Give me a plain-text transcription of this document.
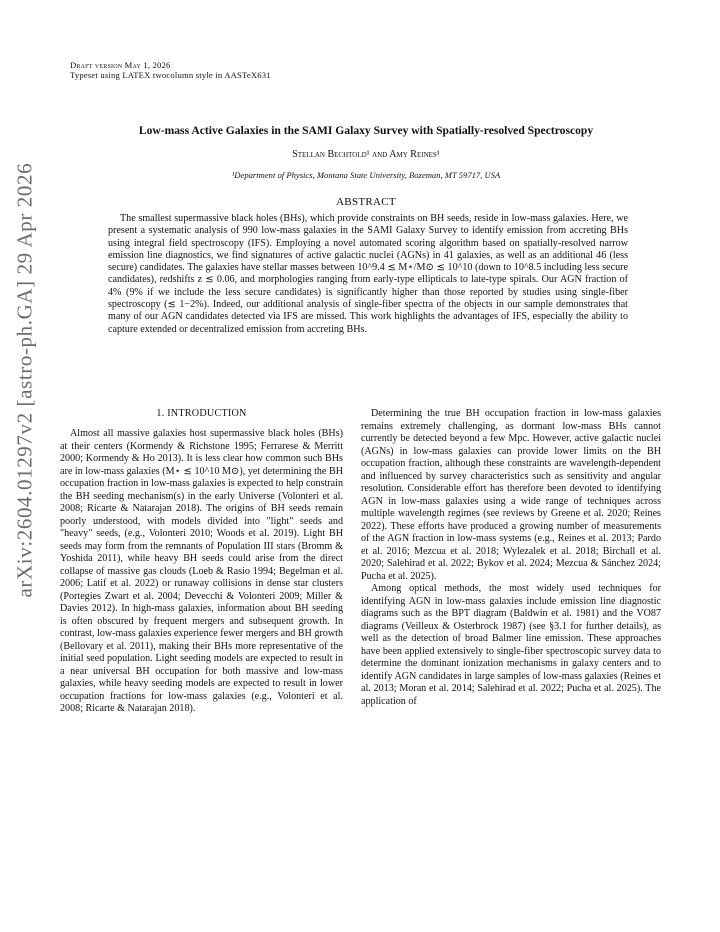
arXiv:2604.01297v2 [astro-ph.GA] 29 Apr 2026
Draft version May 1, 2026
Typeset using LATEX twocolumn style in AASTeX631
Low-mass Active Galaxies in the SAMI Galaxy Survey with Spatially-resolved Spectroscopy
Stellan Bechtold¹ and Amy Reines¹
¹Department of Physics, Montana State University, Bozeman, MT 59717, USA
ABSTRACT
The smallest supermassive black holes (BHs), which provide constraints on BH seeds, reside in low-mass galaxies. Here, we present a systematic analysis of 990 low-mass galaxies in the SAMI Galaxy Survey to identify emission from accreting BHs using integral field spectroscopy (IFS). Employing a novel automated scoring algorithm based on spatially-resolved narrow emission line diagnostics, we find signatures of active galactic nuclei (AGNs) in 41 galaxies, as well as an additional 46 (less secure) candidates. The galaxies have stellar masses between 10^9.4 ≲ M⋆/M⊙ ≲ 10^10 (down to 10^8.5 including less secure candidates), redshifts z ≲ 0.06, and morphologies ranging from early-type ellipticals to late-type spirals. Our AGN fraction of 4% (9% if we include the less secure candidates) is significantly higher than those reported by studies using single-fiber spectroscopy (≲ 1−2%). Indeed, our additional analysis of single-fiber spectra of the objects in our sample demonstrates that many of our AGN candidates detected via IFS are missed. This work highlights the advantages of IFS, especially the ability to capture extended or decentralized emission from accreting BHs.
1. INTRODUCTION

Almost all massive galaxies host supermassive black holes (BHs) at their centers (Kormendy & Richstone 1995; Ferrarese & Merritt 2000; Kormendy & Ho 2013). It is less clear how common such BHs are in low-mass galaxies (M⋆ ≲ 10^10 M⊙), yet determining the BH occupation fraction in low-mass galaxies is expected to help constrain the BH seeding mechanism(s) in the early Universe (Volonteri et al. 2008; Ricarte & Natarajan 2018). The origins of BH seeds remain poorly understood, with models divided into "light" seeds and "heavy" seeds, (e.g., Volonteri 2010; Woods et al. 2019). Light BH seeds may form from the remnants of Population III stars (Bromm & Yoshida 2011), while heavy BH seeds could arise from the direct collapse of massive gas clouds (Loeb & Rasio 1994; Begelman et al. 2006; Latif et al. 2022) or runaway collisions in dense star clusters (Portegies Zwart et al. 2004; Devecchi & Volonteri 2009; Miller & Davies 2012). In high-mass galaxies, information about BH seeding is often obscured by frequent mergers and subsequent growth. In contrast, low-mass galaxies experience fewer mergers and BH growth (Bellovary et al. 2011), making their BHs more representative of the initial seed population. Light seeding models are expected to result in a near universal BH occupation for both massive and low-mass galaxies, while heavy seeding models are expected to result in lower occupation fractions for low-mass galaxies (e.g., Volonteri et al. 2008; Ricarte & Natarajan 2018).

Determining the true BH occupation fraction in low-mass galaxies remains extremely challenging, as dormant low-mass BHs cannot currently be detected beyond a few Mpc. However, active galactic nuclei (AGNs) in low-mass galaxies can provide lower limits on the BH occupation fraction, although these constraints are wavelength-dependent and influenced by survey characteristics such as sensitivity and angular resolution. Considerable effort has therefore been devoted to identifying AGN in low-mass galaxies using a wide range of techniques across multiple wavelength regimes (see reviews by Greene et al. 2020; Reines 2022). These efforts have produced a growing number of measurements of the AGN fraction in low-mass systems (e.g., Reines et al. 2013; Pardo et al. 2016; Mezcua et al. 2018; Wylezalek et al. 2018; Birchall et al. 2020; Salehirad et al. 2022; Bykov et al. 2024; Mezcua & Sánchez 2024; Pucha et al. 2025).

Among optical methods, the most widely used techniques for identifying AGN in low-mass galaxies include emission line diagnostic diagrams such as the BPT diagram (Baldwin et al. 1981) and the VO87 diagrams (Veilleux & Osterbrock 1987) (see §3.1 for further details), as well as the detection of broad Balmer line emission. These approaches have been applied extensively to single-fiber spectroscopic survey data to determine the dominant ionization mechanisms in galaxy centers and to identify AGN candidates in large samples of low-mass galaxies (Reines et al. 2013; Moran et al. 2014; Salehirad et al. 2022; Pucha et al. 2025). The application of
